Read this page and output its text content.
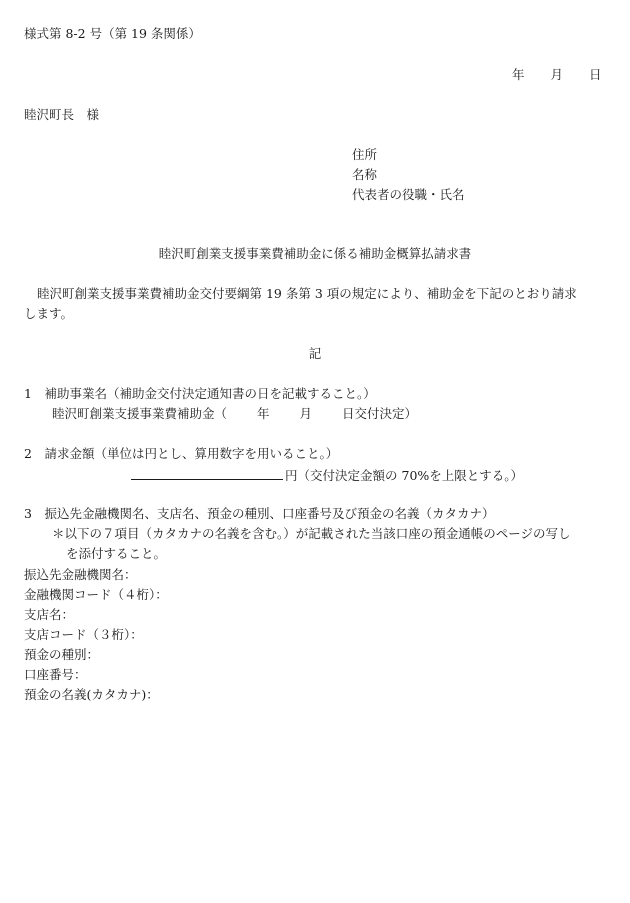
様式第 8-2 号（第 19 条関係）
年 月 日
睦沢町長　様
住所
名称
代表者の役職・氏名
睦沢町創業支援事業費補助金に係る補助金概算払請求書
睦沢町創業支援事業費補助金交付要綱第 19 条第 3 項の規定により、補助金を下記のとおり請求
します。
記
1　補助事業名（補助金交付決定通知書の日を記載すること。）
睦沢町創業支援事業費補助金（ 年 月 日交付決定）
2　請求金額（単位は円とし、算用数字を用いること。）
円（交付決定金額の 70%を上限とする。）
3　振込先金融機関名、支店名、預金の種別、口座番号及び預金の名義（カタカナ）
＊以下の７項目（カタカナの名義を含む。）が記載された当該口座の預金通帳のページの写し
を添付すること。
振込先金融機関名：
金融機関コード（４桁）：
支店名：
支店コード（３桁）：
預金の種別：
口座番号：
預金の名義(カタカナ)：
